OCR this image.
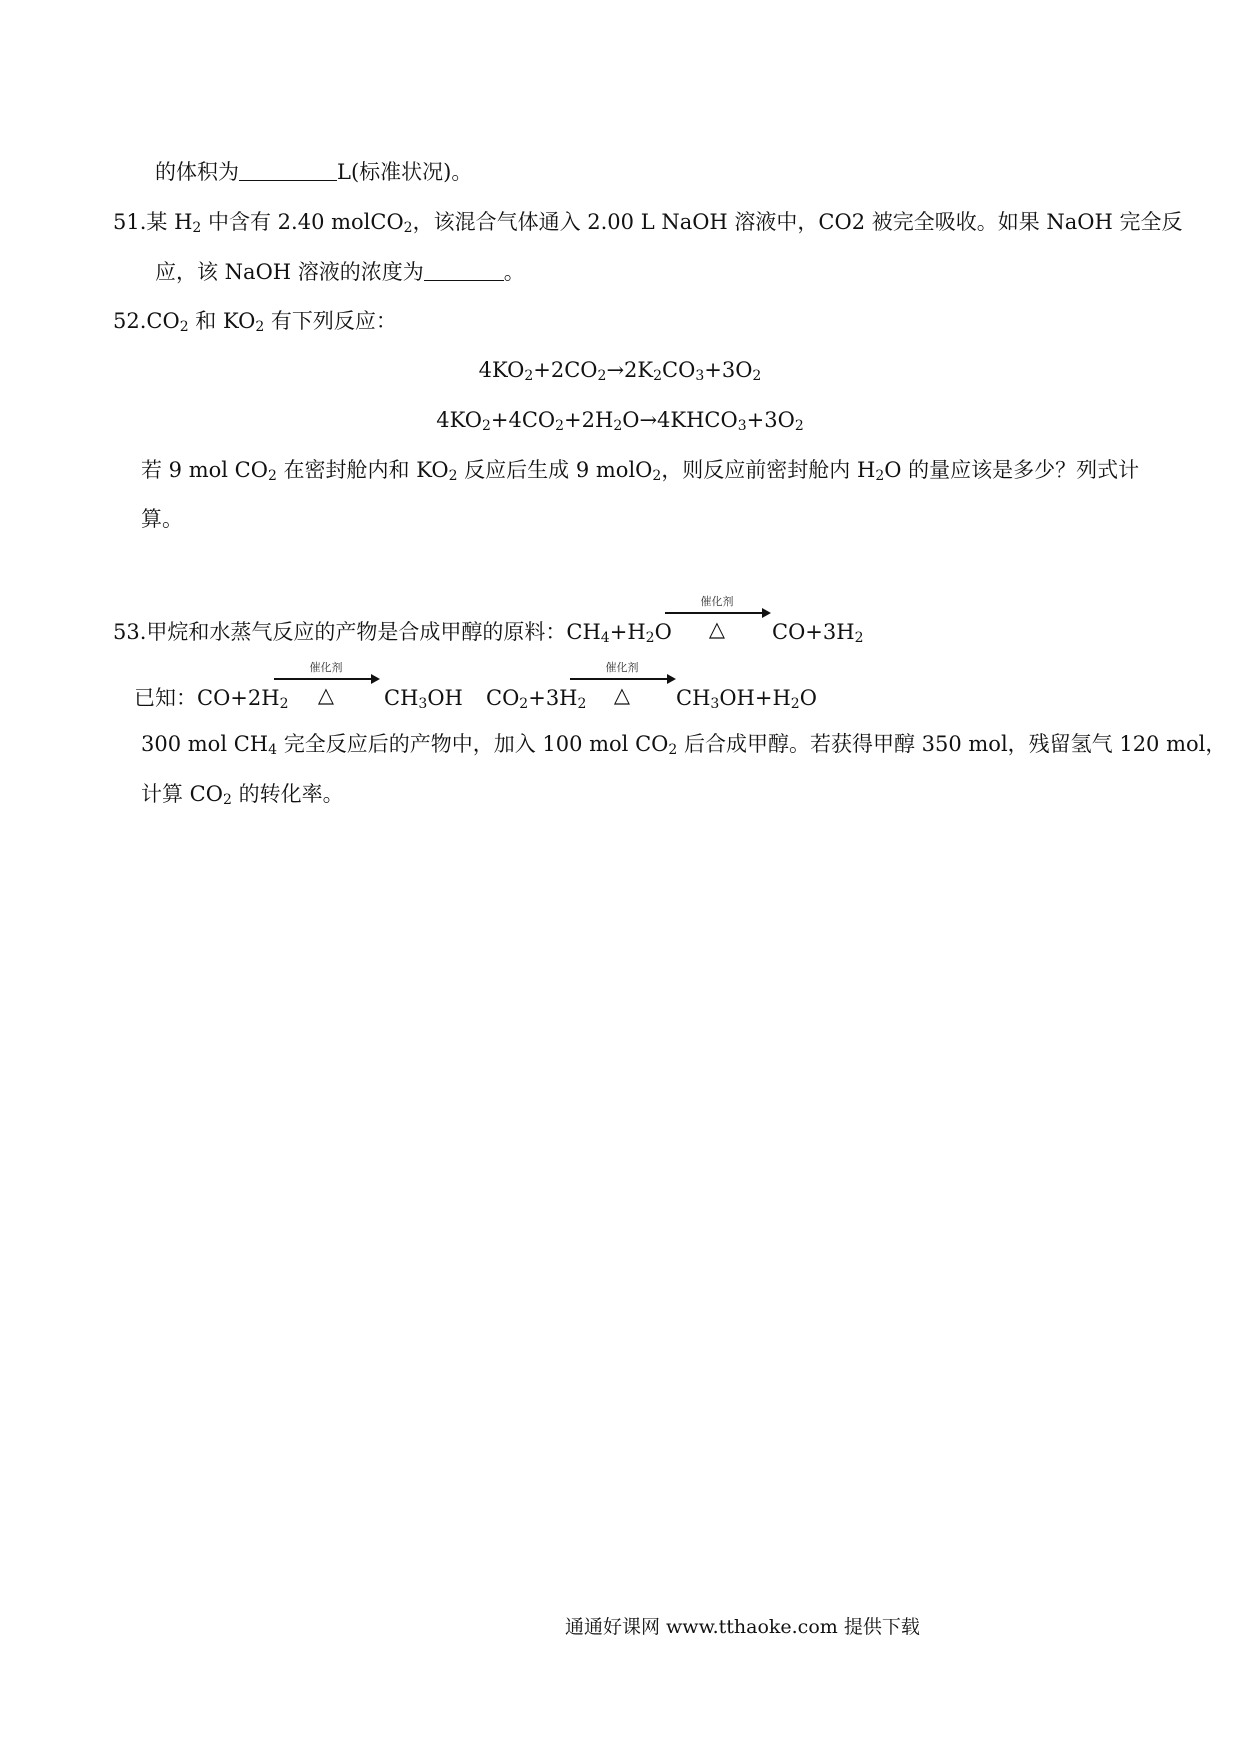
的体积为	L(标准状况)。
51.某 $H_2$ 中含有 2.40 molCO$_2$，该混合气体通入 2.00 L NaOH 溶液中，CO2 被完全吸收。如果 NaOH 完全反
应，该 NaOH 溶液的浓度为	。
$52.CO_2$ 和 $KO_2$ 有下列反应：
$4KO_2+2CO_2\to 2K_2CO_3+3O_2$
$4KO_2+4CO_2+2H_2O\to 4KHCO_3+3O_2$
若 9 mol $CO_2$ 在密封舱内和 $KO_2$ 反应后生成 9 molO$_2$，则反应前密封舱内 $H_2O$ 的量应该是多少？列式计
算。
53.甲烷和水蒸气反应的产物是合成甲醇的原料：$CH_4+H_2O$
催化剂
△	$CO+3H_2$
已知：$CO+2H_2$
催化剂
△	$CH_3OH$ $CO_2+3H_2$
催化剂
△	$CH_3OH+H_2O$
300 mol $CH_4$ 完全反应后的产物中，加入 100 mol $CO_2$ 后合成甲醇。若获得甲醇 350 mol，残留氢气 120 mol，
计算 $CO_2$ 的转化率。
通通好课网 www.tthaoke.com 提供下载
